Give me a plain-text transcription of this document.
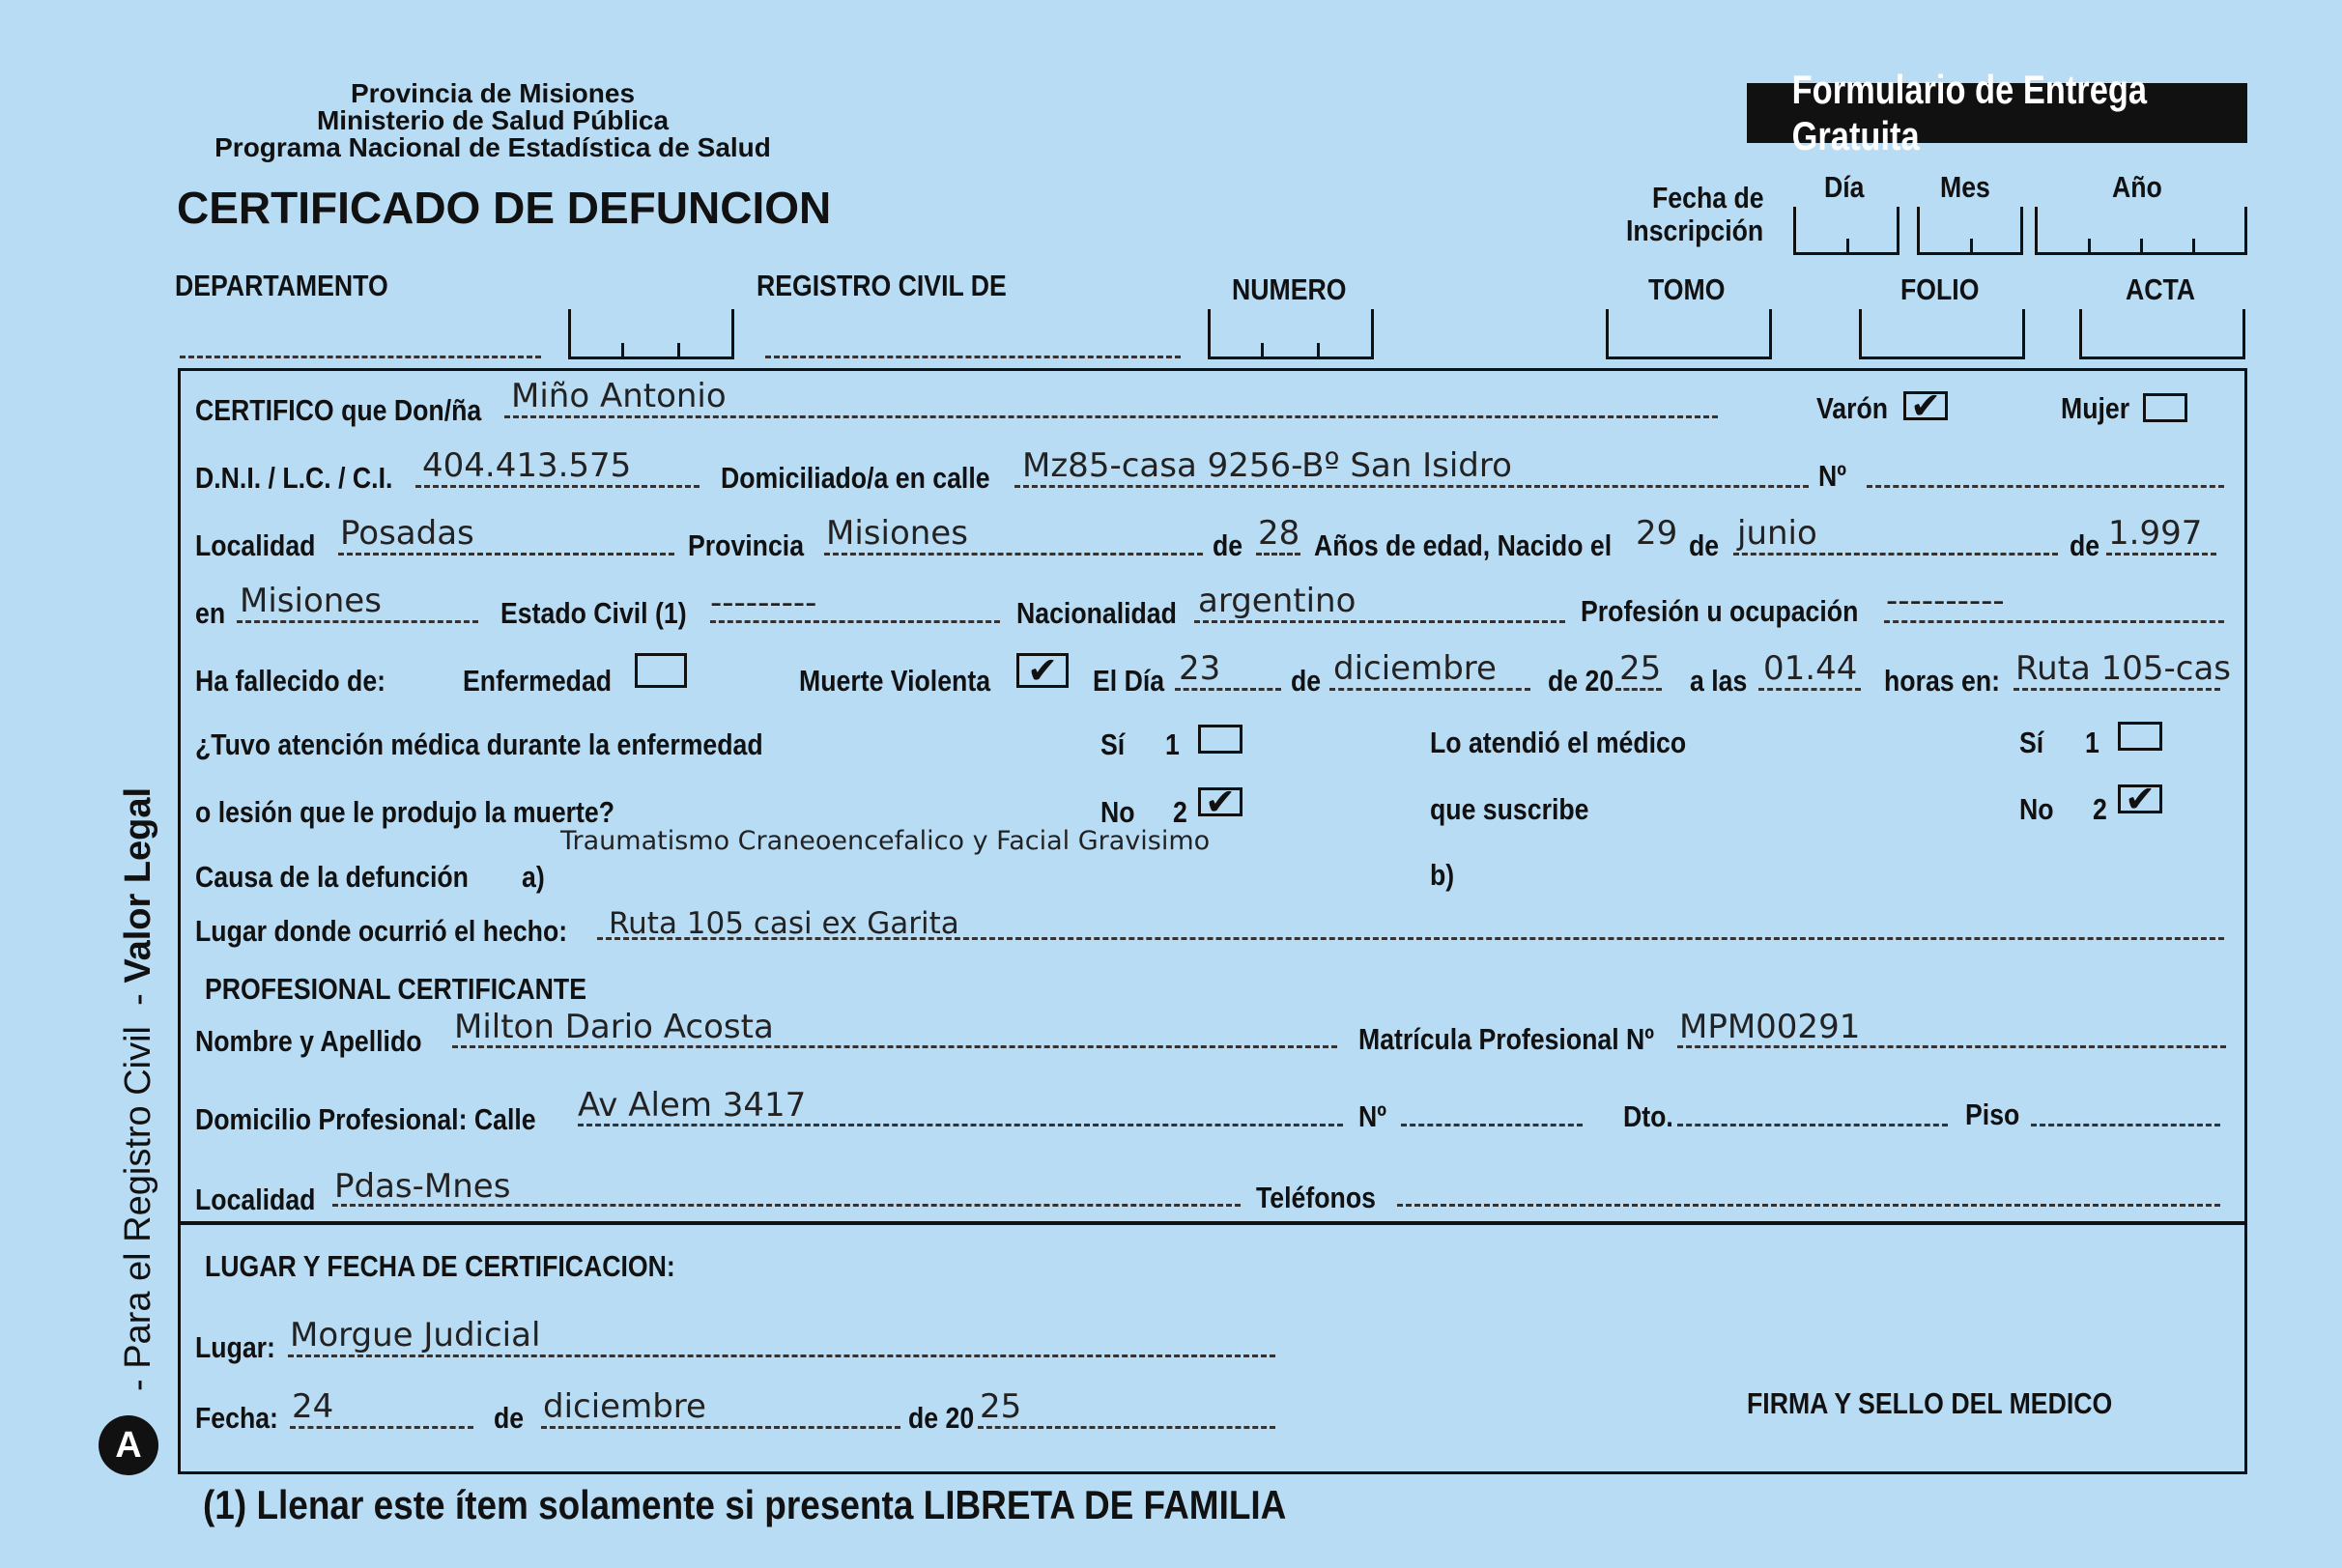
Provincia de Misiones
Ministerio de Salud Pública
Programa Nacional de Estadística de Salud
Formulario de Entrega Gratuita
CERTIFICADO DE DEFUNCION	Fecha de
Inscripción
Día	Mes	Año
DEPARTAMENTO	REGISTRO CIVIL DE	NUMERO	TOMO	FOLIO	ACTA
CERTIFICO que Don/ña Miño Antonio	Varón ✔	Mujer
D.N.I. / L.C. / C.I. 404.413.575	Domiciliado/a en calle Mz85-casa 9256-Bº San Isidro	Nº
Localidad Posadas	Provincia Misiones	de 28 Años de edad, Nacido el 29 de junio	de 1.997
en Misiones	Estado Civil (1) ---------	Nacionalidad argentino	Profesión u ocupación ----------
Ha fallecido de:	Enfermedad	Muerte Violenta ✔	El Día 23 de diciembre de 20 25 a las 01.44 horas en: Ruta 105-cas
¿Tuvo atención médica durante la enfermedad
o lesión que le produjo la muerte?
Sí 1
No 2 ✔
Lo atendió el médico
que suscribe
Sí 1
No 2 ✔
Traumatismo Craneoencefalico y Facial Gravisimo
Causa de la defunción a)	b)
Lugar donde ocurrió el hecho: Ruta 105 casi ex Garita
PROFESIONAL CERTIFICANTE
Nombre y Apellido Milton Dario Acosta	Matrícula Profesional Nº MPM00291
Domicilio Profesional: Calle Av Alem 3417	Nº	Dto.	Piso
Localidad Pdas-Mnes	Teléfonos
LUGAR Y FECHA DE CERTIFICACION:
Lugar: Morgue Judicial
Fecha: 24	de diciembre	de 20 25	FIRMA Y SELLO DEL MEDICO
(1) Llenar este ítem solamente si presenta LIBRETA DE FAMILIA
A
- Para el Registro Civil  - Valor Legal
